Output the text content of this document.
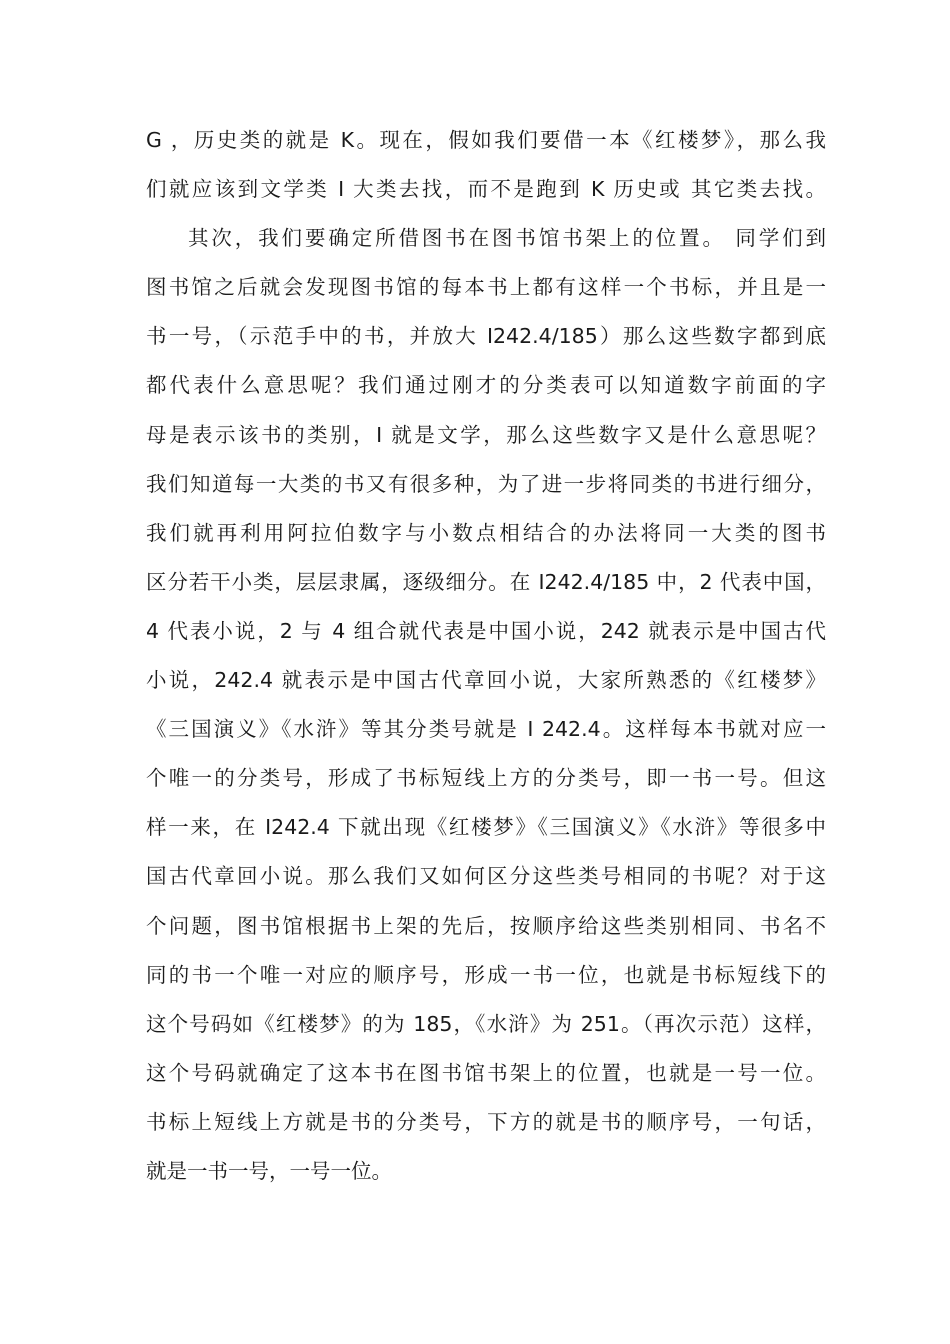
G ，历史类的就是 K。现在，假如我们要借一本《红楼梦》，那么我
们就应该到文学类 I 大类去找，而不是跑到 K 历史或 其它类去找。
其次，我们要确定所借图书在图书馆书架上的位置。 同学们到
图书馆之后就会发现图书馆的每本书上都有这样一个书标，并且是一
书一号，（示范手中的书，并放大 I242.4/185）那么这些数字都到底
都代表什么意思呢？我们通过刚才的分类表可以知道数字前面的字
母是表示该书的类别，I 就是文学，那么这些数字又是什么意思呢？
我们知道每一大类的书又有很多种，为了进一步将同类的书进行细分，
我们就再利用阿拉伯数字与小数点相结合的办法将同一大类的图书
区分若干小类，层层隶属，逐级细分。在 I242.4/185 中，2 代表中国，
4 代表小说，2 与 4 组合就代表是中国小说，242 就表示是中国古代
小说，242.4 就表示是中国古代章回小说，大家所熟悉的《红楼梦》
《三国演义》《水浒》等其分类号就是 I 242.4。这样每本书就对应一
个唯一的分类号，形成了书标短线上方的分类号，即一书一号。但这
样一来，在 I242.4 下就出现《红楼梦》《三国演义》《水浒》等很多中
国古代章回小说。那么我们又如何区分这些类号相同的书呢？对于这
个问题，图书馆根据书上架的先后，按顺序给这些类别相同、书名不
同的书一个唯一对应的顺序号，形成一书一位，也就是书标短线下的
这个号码如《红楼梦》的为 185，《水浒》为 251。（再次示范）这样，
这个号码就确定了这本书在图书馆书架上的位置，也就是一号一位。
书标上短线上方就是书的分类号，下方的就是书的顺序号，一句话，
就是一书一号，一号一位。
